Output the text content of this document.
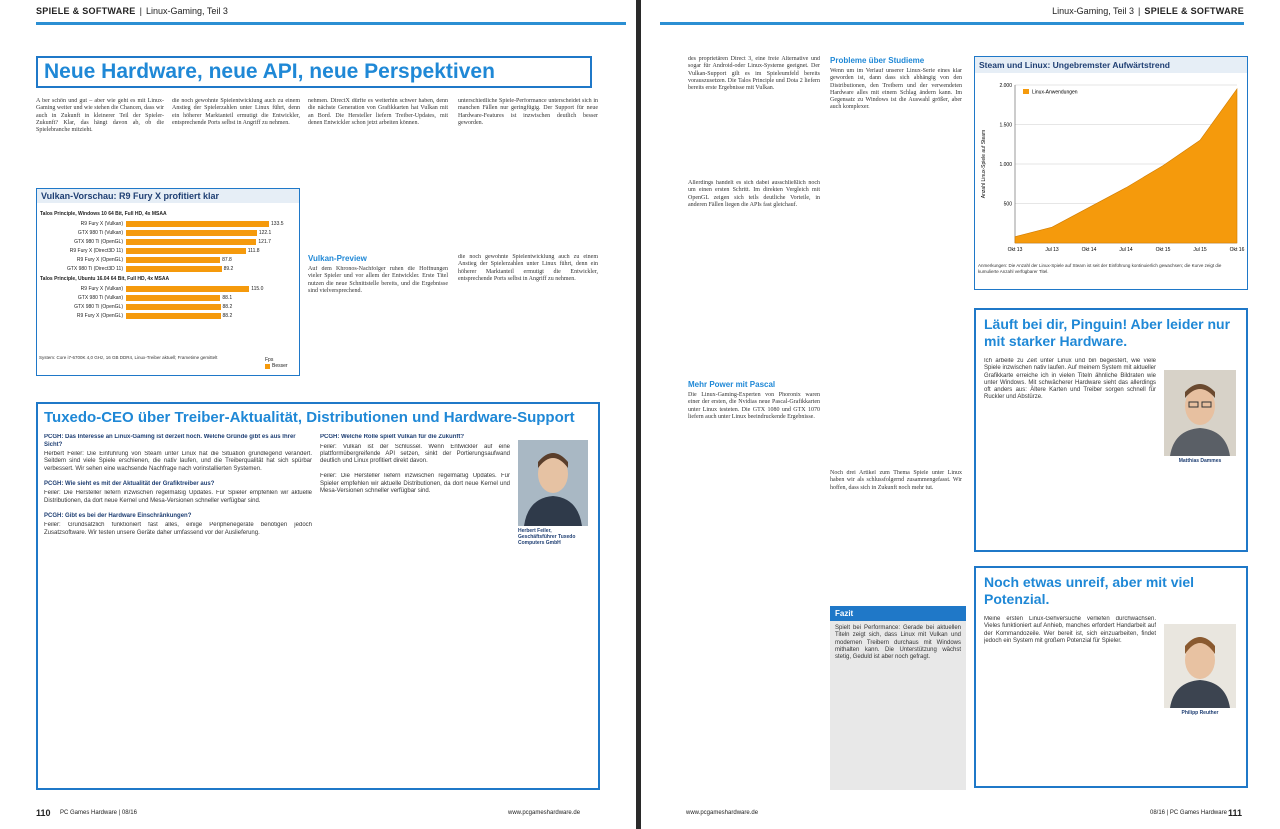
SPIELE & SOFTWARE | Linux-Gaming, Teil 3
Neue Hardware, neue API, neue Perspektiven
A ber schön und gut – aber wie geht es mit Linux-Gaming weiter und wie stehen die Chancen, dass wir auch in Zukunft in kleinerer Teil der Spieler-Zukunft? Klar, das hängt davon ab, ob die Spielebranche mitzieht.
die noch gewohnte Spielentwicklung auch zu einem Anstieg der Spielerzahlen unter Linux führt, denn ein höherer Marktanteil ermutigt die Entwickler, entsprechende Ports selbst in Angriff zu nehmen.
nehmen. DirectX dürfte es weiterhin schwer haben, denn die nächste Generation von Grafikkarten hat Vulkan mit an Bord. Die Hersteller liefern Treiber-Updates, mit denen Entwickler schon jetzt arbeiten können.
unterschiedliche Spiele-Performance unterscheidet sich in manchen Fällen nur geringfügig. Der Support für neue Hardware-Features ist inzwischen deutlich besser geworden.
Vulkan-Preview
Auf dem Khronos-Nachfolger ruhen die Hoffnungen vieler Spieler und vor allem der Entwickler. Erste Titel nutzen die neue Schnittstelle bereits, und die Ergebnisse sind vielversprechend.
die noch gewohnte Spielentwicklung auch zu einem Anstieg der Spielerzahlen unter Linux führt, denn ein höherer Marktanteil ermutigt die Entwickler, entsprechende Ports selbst in Angriff zu nehmen.
Vulkan-Vorschau: R9 Fury X profitiert klar
Talos Principle, Windows 10 64 Bit, Full HD, 4x MSAA
R9 Fury X (Vulkan)	133.5
GTX 980 Ti (Vulkan)	122.1
GTX 980 Ti (OpenGL)	121.7
R9 Fury X (Direct3D 11)	111.8
R9 Fury X (OpenGL)	87.8
GTX 980 Ti (Direct3D 11)	89.2
Talos Principle, Ubuntu 16.04 64 Bit, Full HD, 4x MSAA
R9 Fury X (Vulkan)	115.0
GTX 980 Ti (Vulkan)	88.1
GTX 980 Ti (OpenGL)	88.2
R9 Fury X (OpenGL)	88.2
System: Core i7-6700K 4,0 GHz, 16 GB DDR4, Linux-Treiber aktuell; Frametime gemittelt	Fps
Besser
Tuxedo-CEO über Treiber-Aktualität, Distributionen und Hardware-Support
PCGH: Das Interesse an Linux-Gaming ist derzeit hoch. Welche Gründe gibt es aus Ihrer Sicht?
Herbert Feiler: Die Einführung von Steam unter Linux hat die Situation grundlegend verändert. Seitdem sind viele Spiele erschienen, die nativ laufen, und die Treiberqualität hat sich spürbar verbessert. Wir sehen eine wachsende Nachfrage nach vorinstallierten Systemen.
PCGH: Wie sieht es mit der Aktualität der Grafiktreiber aus?
Feiler: Die Hersteller liefern inzwischen regelmäßig Updates. Für Spieler empfehlen wir aktuelle Distributionen, da dort neue Kernel und Mesa-Versionen schneller verfügbar sind.
PCGH: Gibt es bei der Hardware Einschränkungen?
Feiler: Grundsätzlich funktioniert fast alles, einige Peripheriegeräte benötigen jedoch Zusatzsoftware. Wir testen unsere Geräte daher umfassend vor der Auslieferung.
PCGH: Welche Rolle spielt Vulkan für die Zukunft?
Feiler: Vulkan ist der Schlüssel. Wenn Entwickler auf eine plattformübergreifende API setzen, sinkt der Portierungsaufwand deutlich und Linux profitiert direkt davon.
Feiler: Die Hersteller liefern inzwischen regelmäßig Updates. Für Spieler empfehlen wir aktuelle Distributionen, da dort neue Kernel und Mesa-Versionen schneller verfügbar sind.
Herbert Feiler, Geschäftsführer Tuxedo Computers GmbH
110 PC Games Hardware | 08/16	www.pcgameshardware.de
Linux-Gaming, Teil 3 | SPIELE & SOFTWARE
des proprietären Direct 3, eine freie Alternative und sogar für Android-oder Linux-Systeme geeignet. Der Vulkan-Support gilt es im Spieleumfeld bereits vorauszusetzen. Die Talos Principle und Dota 2 liefern bereits erste Ergebnisse mit Vulkan.
Allerdings handelt es sich dabei ausschließlich noch um einen ersten Schritt. Im direkten Vergleich mit OpenGL zeigen sich teils deutliche Vorteile, in anderen Fällen liegen die APIs fast gleichauf.
Mehr Power mit Pascal
Die Linux-Gaming-Experten von Phoronix waren einer der ersten, die Nvidias neue Pascal-Grafikkarten unter Linux testeten. Die GTX 1080 und GTX 1070 liefern auch unter Linux beeindruckende Ergebnisse.
Probleme über Studieme
Wenn um im Verlauf unserer Linux-Serie eines klar geworden ist, dann dass sich abhängig von den Distributionen, den Treibern und der verwendeten Hardware alles mit einem Schlag ändern kann. Im Gegensatz zu Windows ist die Auswahl größer, aber auch komplexer.
Noch drei Artikel zum Thema Spiele unter Linux haben wir als schlussfolgernd zusammengefasst. Wir hoffen, dass sich in Zukunft noch mehr tut.
Fazit
Spielt bei Performance: Gerade bei aktuellen Titeln zeigt sich, dass Linux mit Vulkan und modernen Treibern durchaus mit Windows mithalten kann. Die Unterstützung wächst stetig, Geduld ist aber noch gefragt.
Steam und Linux: Ungebremster Aufwärtstrend
500
1.000
1.500
2.000
Okt 13	Jul 13	Okt 14	Jul 14	Okt 15	Jul 15	Okt 16
Linux-Anwendungen
Anzahl Linux-Spiele auf Steam
Anmerkungen: Die Anzahl der Linux-Spiele auf Steam ist seit der Einführung kontinuierlich gewachsen; die Kurve zeigt die kumulierte Anzahl verfügbarer Titel.
Läuft bei dir, Pinguin! Aber leider nur mit starker Hardware.
Ich arbeite zu Zeit unter Linux und bin begeistert, wie viele Spiele inzwischen nativ laufen. Auf meinem System mit aktueller Grafikkarte erreiche ich in vielen Titeln ähnliche Bildraten wie unter Windows. Mit schwächerer Hardware sieht das allerdings oft anders aus: Ältere Karten und Treiber sorgen schnell für Ruckler und Abstürze.
Matthias Dammes
Noch etwas unreif, aber mit viel Potenzial.
Meine ersten Linux-Gehversuche verliefen durchwachsen. Vieles funktioniert auf Anhieb, manches erfordert Handarbeit auf der Kommandozeile. Wer bereit ist, sich einzuarbeiten, findet jedoch ein System mit großem Potenzial für Spieler.
Philipp Reuther
www.pcgameshardware.de	08/16 | PC Games Hardware 111
